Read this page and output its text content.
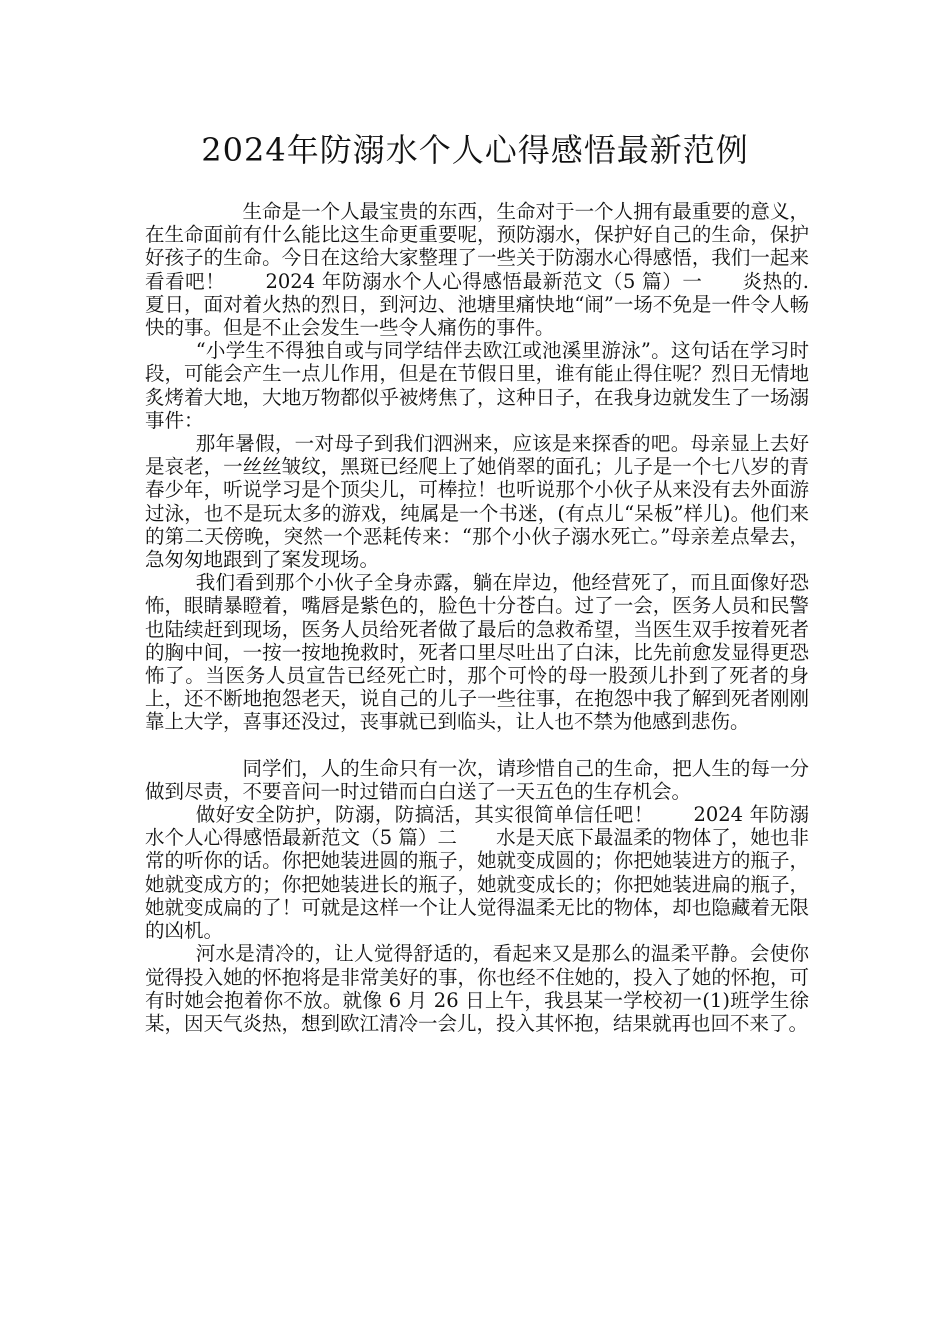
2024年防溺水个人心得感悟最新范例

生命是一个人最宝贵的东西，生命对于一个人拥有最重要的意义，在生命面前有什么能比这生命更重要呢，预防溺水，保护好自己的生命，保护好孩子的生命。今日在这给大家整理了一些关于防溺水心得感悟，我们一起来看看吧！　　2024 年防溺水个人心得感悟最新范文（5 篇）一　　炎热的.夏日，面对着火热的烈日，到河边、池塘里痛快地“闹”一场不免是一件令人畅快的事。但是不止会发生一些令人痛伤的事件。

“小学生不得独自或与同学结伴去欧江或池溪里游泳”。这句话在学习时段，可能会产生一点儿作用，但是在节假日里，谁有能止得住呢？烈日无情地炙烤着大地，大地万物都似乎被烤焦了，这种日子，在我身边就发生了一场溺事件：

那年暑假，一对母子到我们泗洲来，应该是来探香的吧。母亲显上去好是哀老，一丝丝皱纹，黑斑已经爬上了她俏翠的面孔；儿子是一个七八岁的青春少年，听说学习是个顶尖儿，可棒拉！也听说那个小伙子从来没有去外面游过泳，也不是玩太多的游戏，纯属是一个书迷，(有点儿“呆板”样儿)。他们来的第二天傍晚，突然一个恶耗传来：“那个小伙子溺水死亡。”母亲差点晕去，急匆匆地跟到了案发现场。

我们看到那个小伙子全身赤露，躺在岸边，他经营死了，而且面像好恐怖，眼睛暴瞪着，嘴唇是紫色的，脸色十分苍白。过了一会，医务人员和民警也陆续赶到现场，医务人员给死者做了最后的急救希望，当医生双手按着死者的胸中间，一按一按地挽救时，死者口里尽吐出了白沫，比先前愈发显得更恐怖了。当医务人员宣告已经死亡时，那个可怜的母一股颈儿扑到了死者的身上，还不断地抱怨老天，说自己的儿子一些往事，在抱怨中我了解到死者刚刚靠上大学，喜事还没过，丧事就已到临头，让人也不禁为他感到悲伤。

同学们，人的生命只有一次，请珍惜自己的生命，把人生的每一分做到尽责，不要音问一时过错而白白送了一天五色的生存机会。

做好安全防护，防溺，防搞活，其实很简单信任吧！　　2024 年防溺水个人心得感悟最新范文（5 篇）二　　水是天底下最温柔的物体了，她也非常的听你的话。你把她装进圆的瓶子，她就变成圆的；你把她装进方的瓶子，她就变成方的；你把她装进长的瓶子，她就变成长的；你把她装进扁的瓶子，她就变成扁的了！可就是这样一个让人觉得温柔无比的物体，却也隐藏着无限的凶机。

河水是清冷的，让人觉得舒适的，看起来又是那么的温柔平静。会使你觉得投入她的怀抱将是非常美好的事，你也经不住她的，投入了她的怀抱，可有时她会抱着你不放。就像 6 月 26 日上午，我县某一学校初一(1)班学生徐某，因天气炎热，想到欧江清冷一会儿，投入其怀抱，结果就再也回不来了。
